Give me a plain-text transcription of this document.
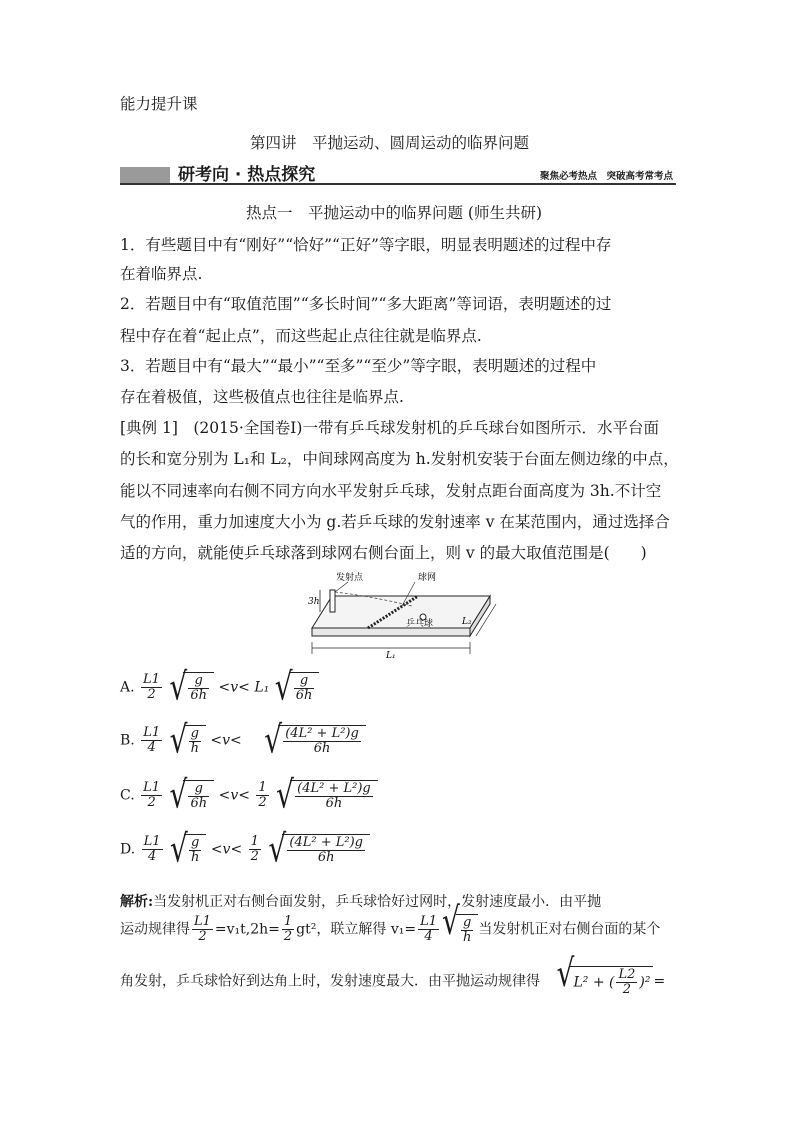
能力提升课
第四讲　平抛运动、圆周运动的临界问题
研考向 · 热点探究	聚焦必考热点　突破高考常考点
热点一　平抛运动中的临界问题 (师生共研)
1．有些题目中有“刚好”“恰好”“正好”等字眼，明显表明题述的过程中存
在着临界点.
2．若题目中有“取值范围”“多长时间”“多大距离”等词语，表明题述的过
程中存在着“起止点”，而这些起止点往往就是临界点.
3．若题目中有“最大”“最小”“至多”“至少”等字眼，表明题述的过程中
存在着极值，这些极值点也往往是临界点.
[典例 1]　(2015·全国卷Ⅰ)一带有乒乓球发射机的乒乓球台如图所示．水平台面
的长和宽分别为 L₁和 L₂，中间球网高度为 h.发射机安装于台面左侧边缘的中点，
能以不同速率向右侧不同方向水平发射乒乓球，发射点距台面高度为 3h.不计空
气的作用，重力加速度大小为 g.若乒乓球的发射速率 v 在某范围内，通过选择合
适的方向，就能使乒乓球落到球网右侧台面上，则 v 的最大取值范围是(　　)
3h
发射点	球网
乒乓球
L₁
L₂
A. $\frac{L1}{2}$
√ $\frac{g}{6h} <v< L_1$ √ $\frac{g}{6h}$
B. $\frac{L1}{4}$
√ $\frac{g}{h} <v<$	√ $\frac{\text{(4L² + L²)g}}{6h}$
C. $\frac{L1}{2}$
√ $\frac{g}{6h} <v< \frac{1}{2}$
√ $\frac{\text{(4L² + L²)g}}{6h}$
D. $\frac{L1}{4}$
√ $\frac{g}{h} <v< \frac{1}{2}$
√ $\frac{\text{(4L² + L²)g}}{6h}$
解析:当发射机正对右侧台面发射，乒乓球恰好过网时，发射速度最小．由平抛
运动规律得 $\frac{L1}{2} =v_1t,2h= \frac{1}{2} gt^2$，联立解得 $v_1= \frac{L1}{4}$ √ $\frac{g}{h}$ 当发射机正对右侧台面的某个
角发射，乒乓球恰好到达角上时，发射速度最大．由平抛运动规律得 √ L² + ( $\frac{L2}{2} )^2$ =
